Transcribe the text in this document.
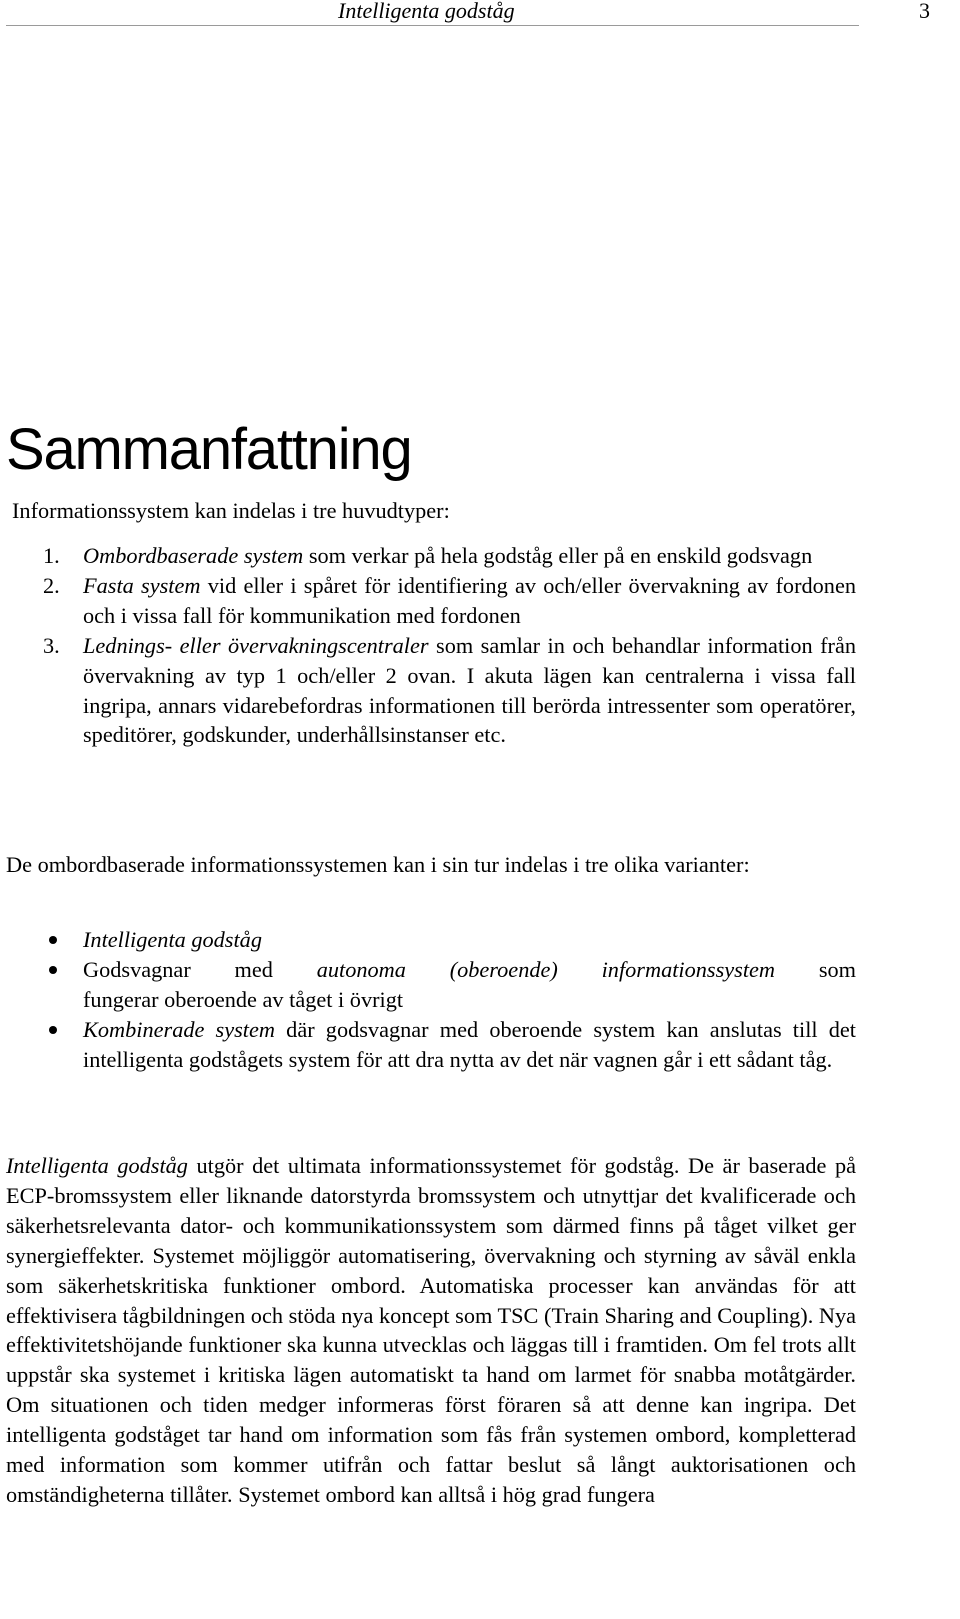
Intelligenta godståg	3
Sammanfattning

Informationssystem kan indelas i tre huvudtyper:

1. Ombordbaserade system som verkar på hela godståg eller på en enskild godsvagn
2. Fasta system vid eller i spåret för identifiering av och/eller övervakning av fordonen och i vissa fall för kommunikation med fordonen
3. Lednings- eller övervakningscentraler som samlar in och behandlar information från övervakning av typ 1 och/eller 2 ovan. I akuta lägen kan centralerna i vissa fall ingripa, annars vidarebefordras informationen till berörda intressenter som operatörer, speditörer, godskunder, underhållsinstanser etc.

De ombordbaserade informationssystemen kan i sin tur indelas i tre olika varianter:

Intelligenta godståg
Godsvagnar med autonoma (oberoende) informationssystem som
fungerar oberoende av tåget i övrigt
Kombinerade system där godsvagnar med oberoende system kan anslutas till det intelligenta godstågets system för att dra nytta av det när vagnen går i ett sådant tåg.

Intelligenta godståg utgör det ultimata informationssystemet för godståg. De är baserade på ECP-bromssystem eller liknande datorstyrda bromssystem och utnyttjar det kvalificerade och säkerhetsrelevanta dator- och kommunikationssystem som därmed finns på tåget vilket ger synergieffekter. Systemet möjliggör automatisering, övervakning och styrning av såväl enkla som säkerhetskritiska funktioner ombord. Automatiska processer kan användas för att effektivisera tågbildningen och stöda nya koncept som TSC (Train Sharing and Coupling). Nya effektivitetshöjande funktioner ska kunna utvecklas och läggas till i framtiden. Om fel trots allt uppstår ska systemet i kritiska lägen automatiskt ta hand om larmet för snabba motåtgärder. Om situationen och tiden medger informeras först föraren så att denne kan ingripa. Det intelligenta godståget tar hand om information som fås från systemen ombord, kompletterad med information som kommer utifrån och fattar beslut så långt auktorisationen och omständigheterna tillåter. Systemet ombord kan alltså i hög grad fungera
